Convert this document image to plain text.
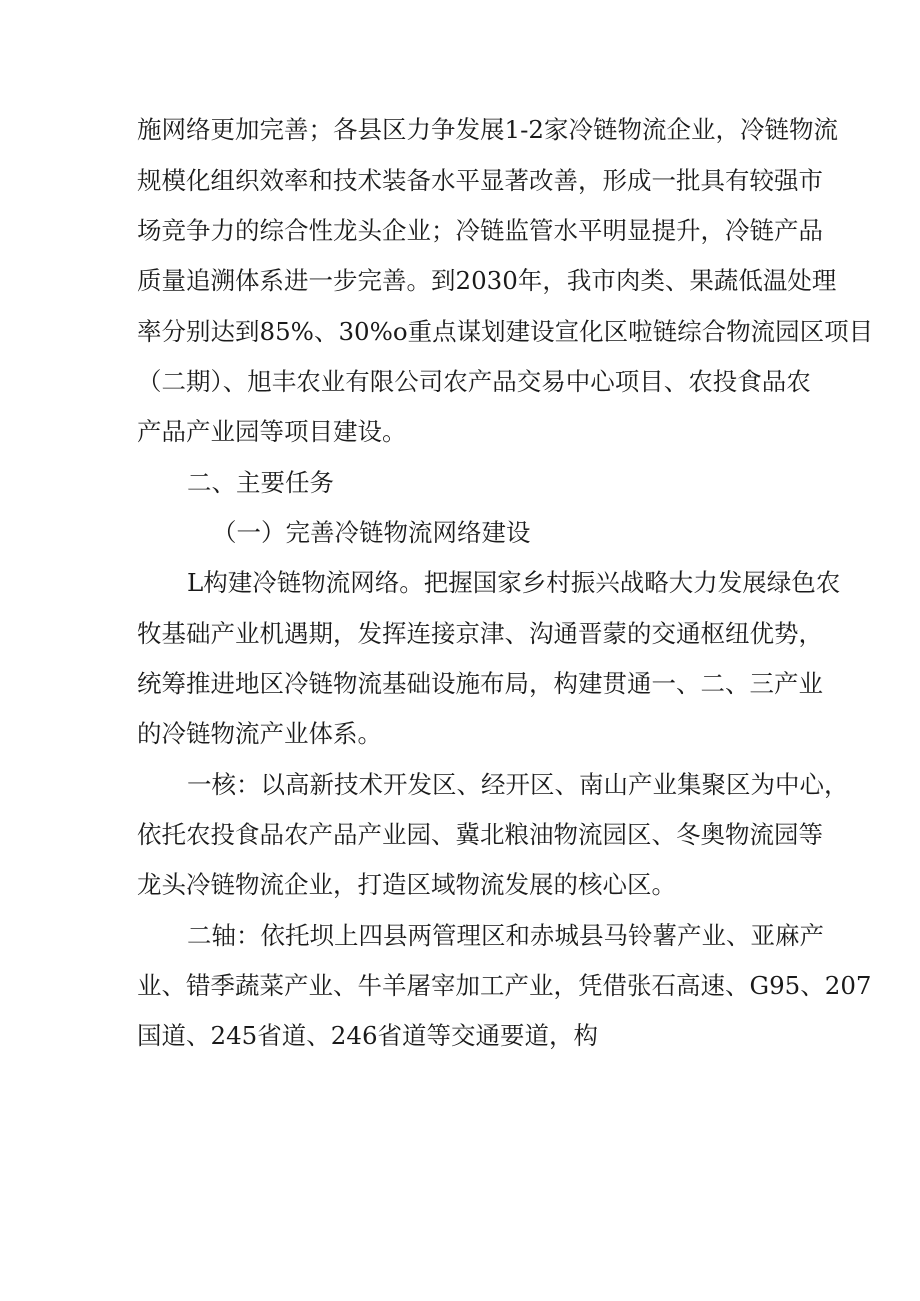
施网络更加完善；各县区力争发展1-2家冷链物流企业，冷链物流
规模化组织效率和技术装备水平显著改善，形成一批具有较强市
场竞争力的综合性龙头企业；冷链监管水平明显提升，冷链产品
质量追溯体系进一步完善。到2030年，我市肉类、果蔬低温处理
率分别达到85%、30%o重点谋划建设宣化区啦链综合物流园区项目
（二期）、旭丰农业有限公司农产品交易中心项目、农投食品农
产品产业园等项目建设。
二、主要任务
（一）完善冷链物流网络建设
L构建冷链物流网络。把握国家乡村振兴战略大力发展绿色农
牧基础产业机遇期，发挥连接京津、沟通晋蒙的交通枢纽优势，
统筹推进地区冷链物流基础设施布局，构建贯通一、二、三产业
的冷链物流产业体系。
一核：以高新技术开发区、经开区、南山产业集聚区为中心，
依托农投食品农产品产业园、冀北粮油物流园区、冬奥物流园等
龙头冷链物流企业，打造区域物流发展的核心区。
二轴：依托坝上四县两管理区和赤城县马铃薯产业、亚麻产
业、错季蔬菜产业、牛羊屠宰加工产业，凭借张石高速、G95、207
国道、245省道、246省道等交通要道，构
